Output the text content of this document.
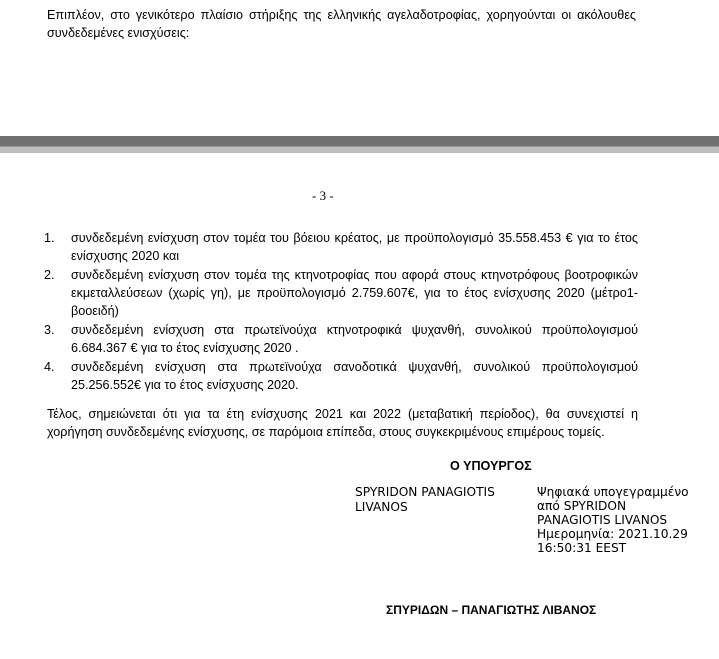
Επιπλέον, στο γενικότερο πλαίσιο στήριξης της ελληνικής αγελαδοτροφίας, χορηγούνται οι ακόλουθες συνδεδεμένες ενισχύσεις:
- 3 -
1. συνδεδεμένη ενίσχυση στον τομέα του βόειου κρέατος, με προϋπολογισμό 35.558.453 € για το έτος ενίσχυσης 2020 και
2. συνδεδεμένη ενίσχυση στον τομέα της κτηνοτροφίας που αφορά στους κτηνοτρόφους βοοτροφικών εκμεταλλεύσεων (χωρίς γη), με προϋπολογισμό 2.759.607€, για το έτος ενίσχυσης 2020 (μέτρο1-βοοειδή)
3. συνδεδεμένη ενίσχυση στα πρωτεϊνούχα κτηνοτροφικά ψυχανθή, συνολικού προϋπολογισμού 6.684.367 € για το έτος ενίσχυσης 2020 .
4. συνδεδεμένη ενίσχυση στα πρωτεϊνούχα σανοδοτικά ψυχανθή, συνολικού προϋπολογισμού 25.256.552€ για το έτος ενίσχυσης 2020.
Τέλος, σημειώνεται ότι για τα έτη ενίσχυσης 2021 και 2022 (μεταβατική περίοδος), θα συνεχιστεί η χορήγηση συνδεδεμένης ενίσχυσης, σε παρόμοια επίπεδα, στους συγκεκριμένους επιμέρους τομείς.
Ο ΥΠΟΥΡΓΟΣ
SPYRIDON PANAGIOTIS LIVANOS
Ψηφιακά υπογεγραμμένο
από SPYRIDON
PANAGIOTIS LIVANOS
Ημερομηνία: 2021.10.29
16:50:31 EEST
ΣΠΥΡΙΔΩΝ – ΠΑΝΑΓΙΩΤΗΣ ΛΙΒΑΝΟΣ
